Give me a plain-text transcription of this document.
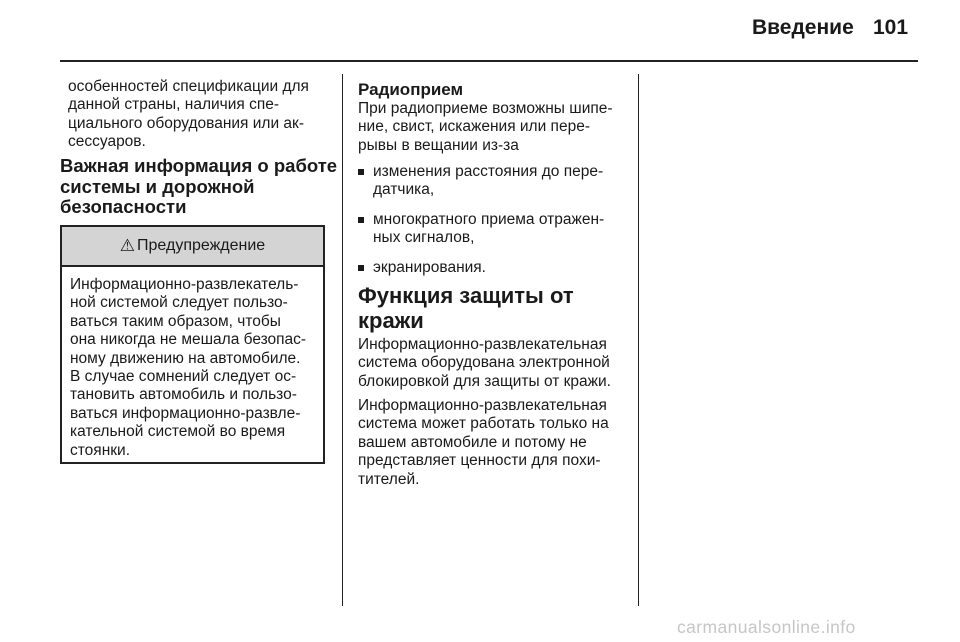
Введение 101
особенностей спецификации для
данной страны, наличия спе-
циального оборудования или ак-
сессуаров.
Важная информация о работе
системы и дорожной
безопасности
⚠ Предупреждение
Информационно-развлекатель-
ной системой следует пользо-
ваться таким образом, чтобы
она никогда не мешала безопас-
ному движению на автомобиле.
В случае сомнений следует ос-
тановить автомобиль и пользо-
ваться информационно-развле-
кательной системой во время
стоянки.
Радиоприем
При радиоприеме возможны шипе-
ние, свист, искажения или пере-
рывы в вещании из-за
изменения расстояния до пере-
датчика,
многократного приема отражен-
ных сигналов,
экранирования.
Функция защиты от
кражи
Информационно-развлекательная
система оборудована электронной
блокировкой для защиты от кражи.
Информационно-развлекательная
система может работать только на
вашем автомобиле и потому не
представляет ценности для похи-
тителей.
carmanualsonline.info
